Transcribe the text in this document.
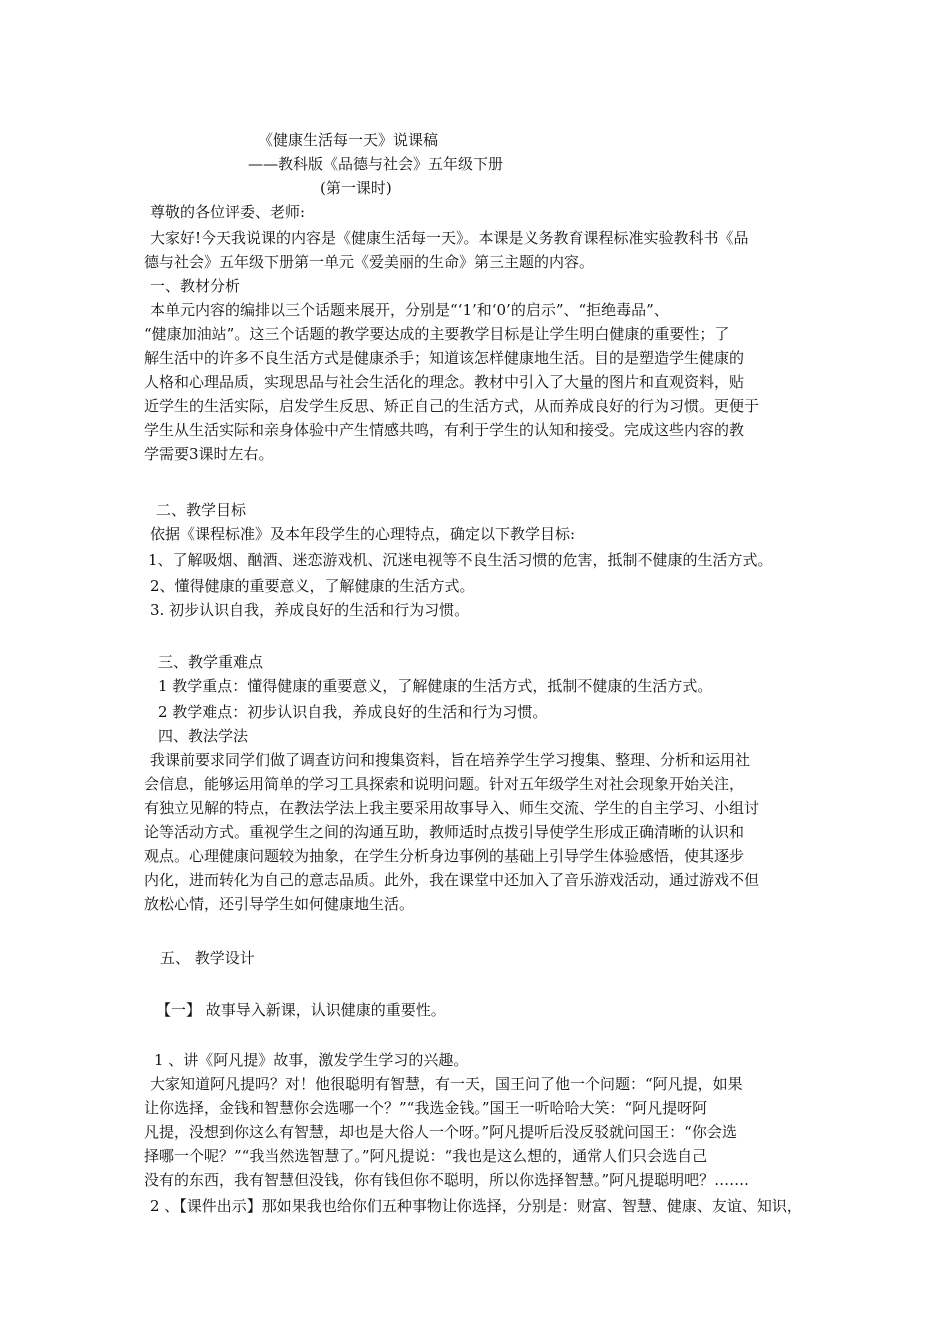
《健康生活每一天》说课稿
——教科版《品德与社会》五年级下册
(第一课时)
尊敬的各位评委、老师:
大家好!今天我说课的内容是《健康生活每一天》。本课是义务教育课程标准实验教科书《品
德与社会》五年级下册第一单元《爱美丽的生命》第三主题的内容。
一、教材分析
本单元内容的编排以三个话题来展开，分别是“‘1’和‘0’的启示”、“拒绝毒品”、
“健康加油站”。这三个话题的教学要达成的主要教学目标是让学生明白健康的重要性；了
解生活中的许多不良生活方式是健康杀手；知道该怎样健康地生活。目的是塑造学生健康的
人格和心理品质，实现思品与社会生活化的理念。教材中引入了大量的图片和直观资料，贴
近学生的生活实际，启发学生反思、矫正自己的生活方式，从而养成良好的行为习惯。更便于
学生从生活实际和亲身体验中产生情感共鸣，有利于学生的认知和接受。完成这些内容的教
学需要3课时左右。
二、教学目标
依据《课程标准》及本年段学生的心理特点，确定以下教学目标:
1、了解吸烟、酗酒、迷恋游戏机、沉迷电视等不良生活习惯的危害，抵制不健康的生活方式。
2、懂得健康的重要意义，了解健康的生活方式。
3. 初步认识自我，养成良好的生活和行为习惯。
三、教学重难点
1 教学重点：懂得健康的重要意义，了解健康的生活方式，抵制不健康的生活方式。
2 教学难点：初步认识自我，养成良好的生活和行为习惯。
四、教法学法
我课前要求同学们做了调查访问和搜集资料，旨在培养学生学习搜集、整理、分析和运用社
会信息，能够运用简单的学习工具探索和说明问题。针对五年级学生对社会现象开始关注，
有独立见解的特点，在教法学法上我主要采用故事导入、师生交流、学生的自主学习、小组讨
论等活动方式。重视学生之间的沟通互助，教师适时点拨引导使学生形成正确清晰的认识和
观点。心理健康问题较为抽象，在学生分析身边事例的基础上引导学生体验感悟，使其逐步
内化，进而转化为自己的意志品质。此外，我在课堂中还加入了音乐游戏活动，通过游戏不但
放松心情，还引导学生如何健康地生活。
五、 教学设计
【一】 故事导入新课，认识健康的重要性。
1 、讲《阿凡提》故事，激发学生学习的兴趣。
大家知道阿凡提吗？对！他很聪明有智慧，有一天，国王问了他一个问题：“阿凡提，如果
让你选择，金钱和智慧你会选哪一个？”“我选金钱。”国王一听哈哈大笑：“阿凡提呀阿
凡提，没想到你这么有智慧，却也是大俗人一个呀。”阿凡提听后没反驳就问国王：“你会选
择哪一个呢？”“我当然选智慧了。”阿凡提说：“我也是这么想的，通常人们只会选自己
没有的东西，我有智慧但没钱，你有钱但你不聪明，所以你选择智慧。”阿凡提聪明吧？…….
2 、【课件出示】那如果我也给你们五种事物让你选择，分别是：财富、智慧、健康、友谊、知识，
